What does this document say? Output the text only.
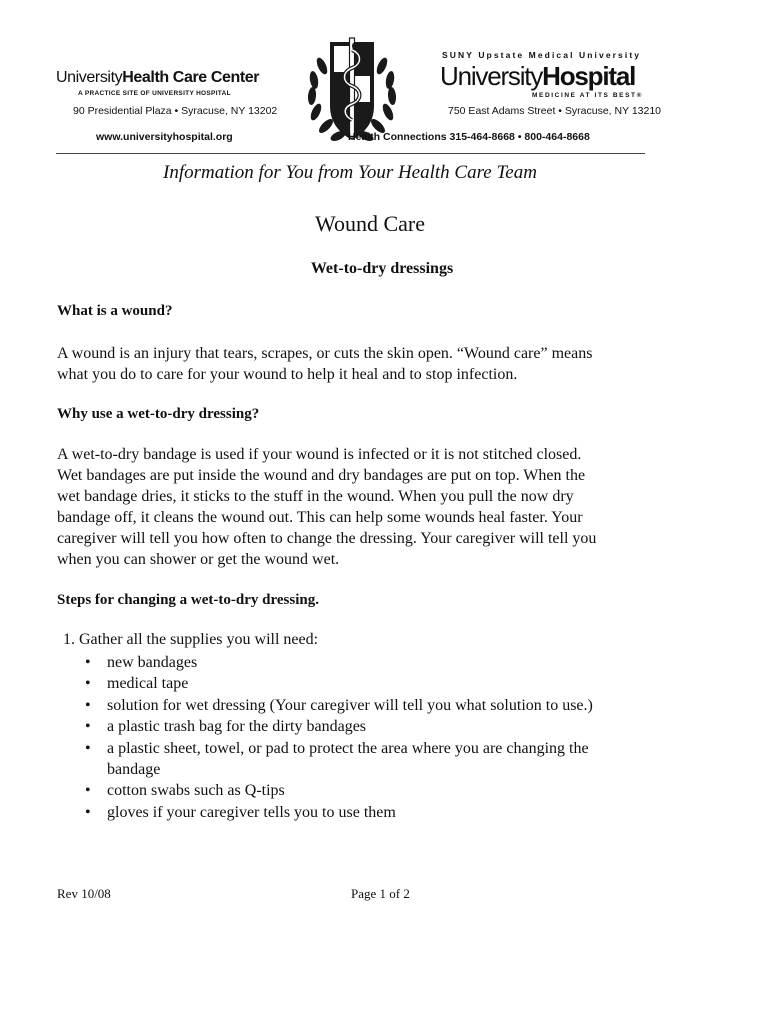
UniversityHealth Care Center
A PRACTICE SITE OF UNIVERSITY HOSPITAL
90 Presidential Plaza • Syracuse, NY 13202
www.universityhospital.org
SUNY Upstate Medical University
UniversityHospital
MEDICINE AT ITS BEST®
750 East Adams Street • Syracuse, NY 13210
Health Connections 315-464-8668 • 800-464-8668
Information for You from Your Health Care Team
Wound Care
Wet-to-dry dressings
What is a wound?
A wound is an injury that tears, scrapes, or cuts the skin open. “Wound care” means
what you do to care for your wound to help it heal and to stop infection.
Why use a wet-to-dry dressing?
A wet-to-dry bandage is used if your wound is infected or it is not stitched closed.
Wet bandages are put inside the wound and dry bandages are put on top. When the
wet bandage dries, it sticks to the stuff in the wound. When you pull the now dry
bandage off, it cleans the wound out. This can help some wounds heal faster. Your
caregiver will tell you how often to change the dressing. Your caregiver will tell you
when you can shower or get the wound wet.
Steps for changing a wet-to-dry dressing.
1. Gather all the supplies you will need:
• new bandages
• medical tape
• solution for wet dressing (Your caregiver will tell you what solution to use.)
• a plastic trash bag for the dirty bandages
• a plastic sheet, towel, or pad to protect the area where you are changing the
bandage
• cotton swabs such as Q-tips
• gloves if your caregiver tells you to use them
Rev 10/08	Page 1 of 2
